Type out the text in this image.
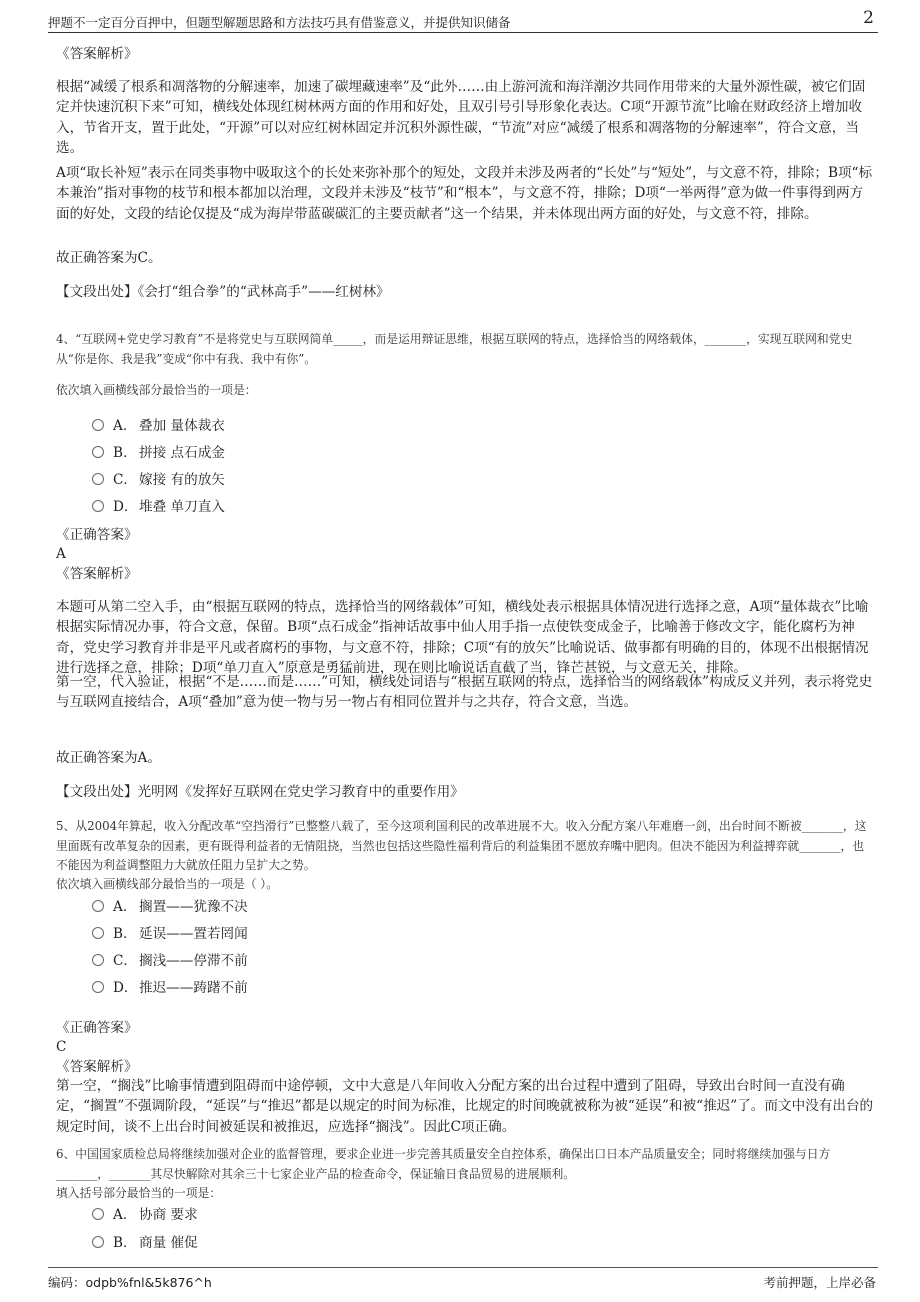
押题不一定百分百押中，但题型解题思路和方法技巧具有借鉴意义，并提供知识储备	2
《答案解析》
根据“减缓了根系和凋落物的分解速率，加速了碳埋藏速率”及“此外……由上游河流和海洋潮汐共同作用带来的大量外源性碳，被它们固定并快速沉积下来”可知，横线处体现红树林两方面的作用和好处，且双引号引导形象化表达。C项“开源节流”比喻在财政经济上增加收入，节省开支，置于此处，“开源”可以对应红树林固定并沉积外源性碳，“节流”对应“减缓了根系和凋落物的分解速率”，符合文意，当选。
A项“取长补短”表示在同类事物中吸取这个的长处来弥补那个的短处，文段并未涉及两者的“长处”与“短处”，与文意不符，排除；B项“标本兼治”指对事物的枝节和根本都加以治理，文段并未涉及“枝节”和“根本”，与文意不符，排除；D项“一举两得”意为做一件事得到两方面的好处，文段的结论仅提及“成为海岸带蓝碳碳汇的主要贡献者”这一个结果，并未体现出两方面的好处，与文意不符，排除。
故正确答案为C。
【文段出处】《会打“组合拳”的“武林高手”——红树林》
4、“互联网+党史学习教育”不是将党史与互联网简单_____，而是运用辩证思维，根据互联网的特点，选择恰当的网络载体，_______，实现互联网和党史从“你是你、我是我”变成“你中有我、我中有你”。
依次填入画横线部分最恰当的一项是：
A． 叠加 量体裁衣
B． 拼接 点石成金
C． 嫁接 有的放矢
D． 堆叠 单刀直入
《正确答案》
A
《答案解析》
本题可从第二空入手，由“根据互联网的特点，选择恰当的网络载体”可知，横线处表示根据具体情况进行选择之意，A项“量体裁衣”比喻根据实际情况办事，符合文意，保留。B项“点石成金”指神话故事中仙人用手指一点使铁变成金子，比喻善于修改文字，能化腐朽为神奇，党史学习教育并非是平凡或者腐朽的事物，与文意不符，排除；C项“有的放矢”比喻说话、做事都有明确的目的，体现不出根据情况进行选择之意，排除；D项“单刀直入”原意是勇猛前进，现在则比喻说话直截了当，锋芒甚锐，与文意无关，排除。
第一空，代入验证，根据“不是……而是……”可知，横线处词语与“根据互联网的特点，选择恰当的网络载体”构成反义并列，表示将党史与互联网直接结合，A项“叠加”意为使一物与另一物占有相同位置并与之共存，符合文意，当选。
故正确答案为A。
【文段出处】光明网《发挥好互联网在党史学习教育中的重要作用》
5、从2004年算起，收入分配改革“空挡滑行”已整整八载了，至今这项利国利民的改革进展不大。收入分配方案八年难磨一剑，出台时间不断被_______，这里面既有改革复杂的因素，更有既得利益者的无情阻挠，当然也包括这些隐性福利背后的利益集团不愿放弃嘴中肥肉。但决不能因为利益搏弈就_______，也不能因为利益调整阻力大就放任阻力呈扩大之势。
依次填入画横线部分最恰当的一项是（ ）。
A． 搁置——犹豫不决
B． 延误——置若罔闻
C． 搁浅——停滞不前
D． 推迟——踌躇不前
《正确答案》
C
《答案解析》
第一空，“搁浅”比喻事情遭到阻碍而中途停顿，文中大意是八年间收入分配方案的出台过程中遭到了阻碍，导致出台时间一直没有确定，“搁置”不强调阶段，“延误”与“推迟”都是以规定的时间为标准，比规定的时间晚就被称为被“延误”和被“推迟”了。而文中没有出台的规定时间，谈不上出台时间被延误和被推迟，应选择“搁浅”。因此C项正确。
6、中国国家质检总局将继续加强对企业的监督管理，要求企业进一步完善其质量安全自控体系，确保出口日本产品质量安全；同时将继续加强与日方_______，_______其尽快解除对其余三十七家企业产品的检查命令，保证输日食品贸易的进展顺利。
填入括号部分最恰当的一项是：
A． 协商 要求
B． 商量 催促
编码：odpb%fnl&5k876^h	考前押题，上岸必备
